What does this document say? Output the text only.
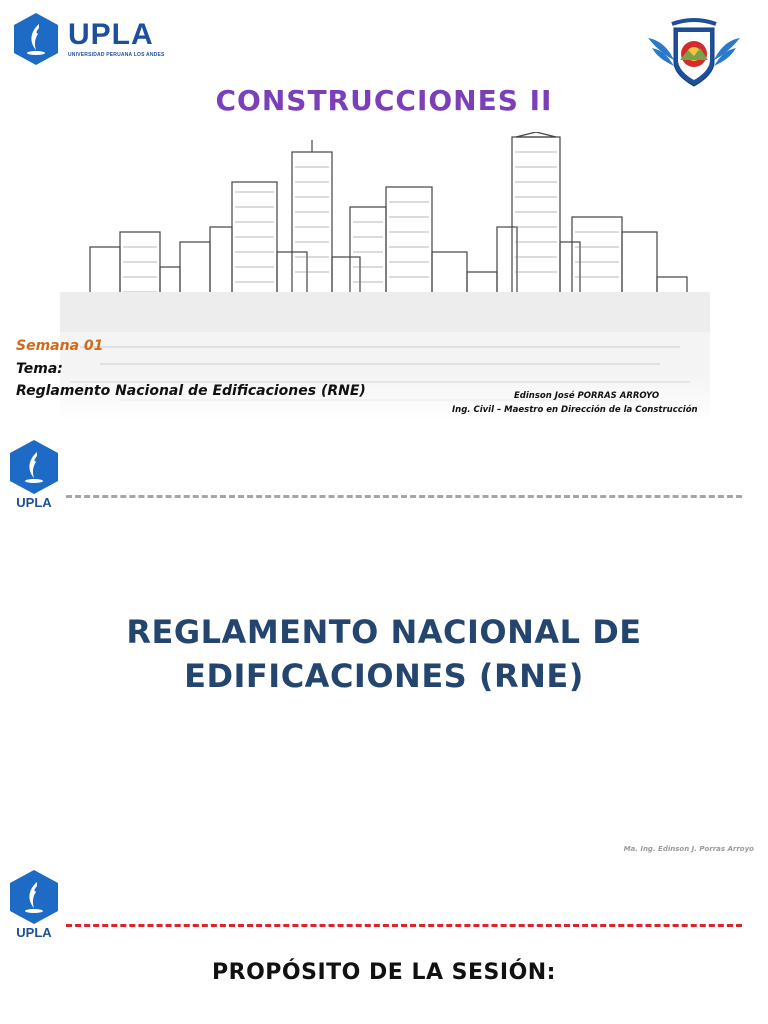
UPLA
UNIVERSIDAD PERUANA LOS ANDES
CONSTRUCCIONES II
Semana 01
Tema:
Reglamento Nacional de Edificaciones (RNE)	Edinson José PORRAS ARROYO
Ing. Civil – Maestro en Dirección de la Construcción
UPLA
REGLAMENTO NACIONAL DE
EDIFICACIONES (RNE)
Ma. Ing. Edinson J. Porras Arroyo
UPLA
PROPÓSITO DE LA SESIÓN:
